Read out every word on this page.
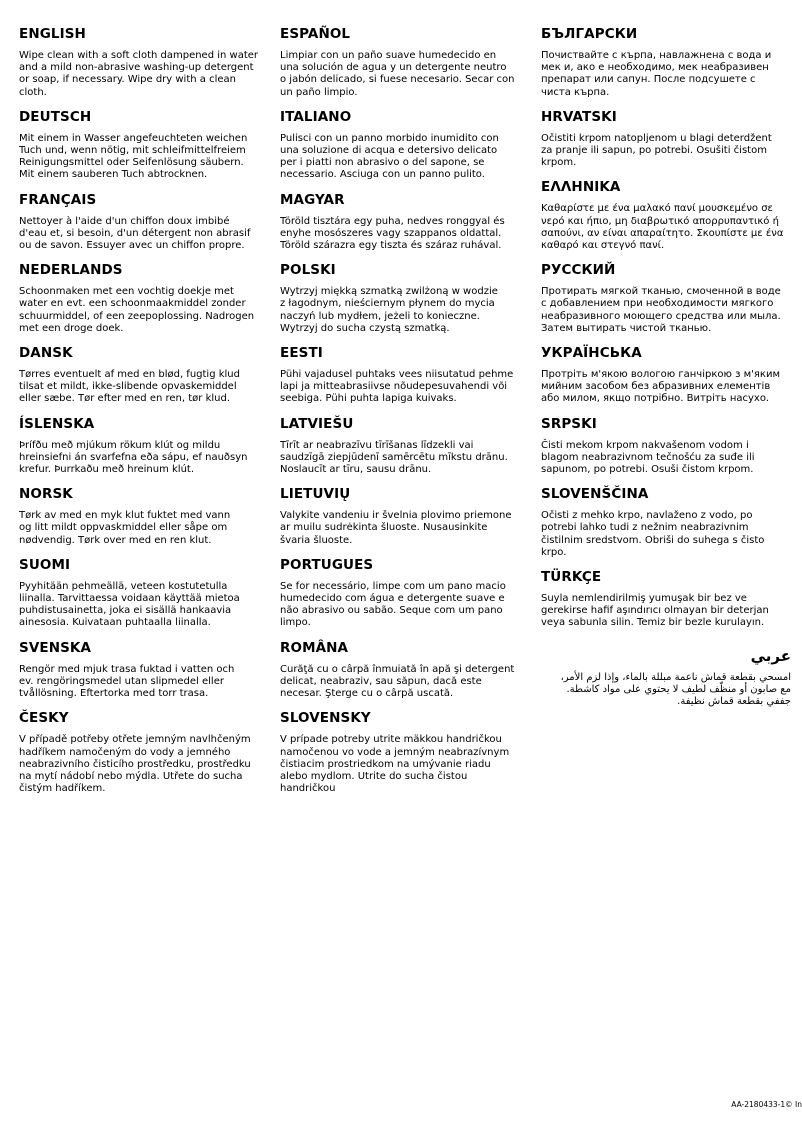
ENGLISH

Wipe clean with a soft cloth dampened in water
and a mild non-abrasive washing-up detergent
or soap, if necessary. Wipe dry with a clean
cloth.

DEUTSCH

Mit einem in Wasser angefeuchteten weichen
Tuch und, wenn nötig, mit schleifmittelfreiem
Reinigungsmittel oder Seifenlösung säubern.
Mit einem sauberen Tuch abtrocknen.

FRANÇAIS

Nettoyer à l'aide d'un chiffon doux imbibé
d'eau et, si besoin, d'un détergent non abrasif
ou de savon. Essuyer avec un chiffon propre.

NEDERLANDS

Schoonmaken met een vochtig doekje met
water en evt. een schoonmaakmiddel zonder
schuurmiddel, of een zeepoplossing. Nadrogen
met een droge doek.

DANSK

Tørres eventuelt af med en blød, fugtig klud
tilsat et mildt, ikke-slibende opvaskemiddel
eller sæbe. Tør efter med en ren, tør klud.

ÍSLENSKA

Þrífðu með mjúkum rökum klút og mildu
hreinsiefni án svarfefna eða sápu, ef nauðsyn
krefur. Þurrkaðu með hreinum klút.

NORSK

Tørk av med en myk klut fuktet med vann
og litt mildt oppvaskmiddel eller såpe om
nødvendig. Tørk over med en ren klut.

SUOMI

Pyyhitään pehmeällä, veteen kostutetulla
liinalla. Tarvittaessa voidaan käyttää mietoa
puhdistusainetta, joka ei sisällä hankaavia
ainesosia. Kuivataan puhtaalla liinalla.

SVENSKA

Rengör med mjuk trasa fuktad i vatten och
ev. rengöringsmedel utan slipmedel eller
tvållösning. Eftertorka med torr trasa.

ČESKY

V případě potřeby otřete jemným navlhčeným
hadříkem namočeným do vody a jemného
neabrazivního čisticího prostředku, prostředku
na mytí nádobí nebo mýdla. Utřete do sucha
čistým hadříkem.

ESPAÑOL

Limpiar con un paño suave humedecido en
una solución de agua y un detergente neutro
o jabón delicado, si fuese necesario. Secar con
un paño limpio.

ITALIANO

Pulisci con un panno morbido inumidito con
una soluzione di acqua e detersivo delicato
per i piatti non abrasivo o del sapone, se
necessario. Asciuga con un panno pulito.

MAGYAR

Töröld tisztára egy puha, nedves ronggyal és
enyhe mosószeres vagy szappanos oldattal.
Töröld szárazra egy tiszta és száraz ruhával.

POLSKI

Wytrzyj miękką szmatką zwilżoną w wodzie
z łagodnym, nieściernym płynem do mycia
naczyń lub mydłem, jeżeli to konieczne.
Wytrzyj do sucha czystą szmatką.

EESTI

Pühi vajadusel puhtaks vees niisutatud pehme
lapi ja mitteabrasiivse nõudepesuvahendi või
seebiga. Pühi puhta lapiga kuivaks.

LATVIEŠU

Tīrīt ar neabrazīvu tīrīšanas līdzekli vai
saudzīgā ziepjūdenī samērcētu mīkstu drānu.
Noslaucīt ar tīru, sausu drānu.

LIETUVIŲ

Valykite vandeniu ir švelnia plovimo priemone
ar muilu sudrėkinta šluoste. Nusausinkite
švaria šluoste.

PORTUGUES

Se for necessário, limpe com um pano macio
humedecido com água e detergente suave e
não abrasivo ou sabão. Seque com um pano
limpo.

ROMÂNA

Curăţă cu o cârpă înmuiată în apă şi detergent
delicat, neabraziv, sau săpun, dacă este
necesar. Şterge cu o cârpă uscată.

SLOVENSKY

V prípade potreby utrite mäkkou handričkou
namočenou vo vode a jemným neabrazívnym
čistiacim prostriedkom na umývanie riadu
alebo mydlom. Utrite do sucha čistou
handričkou

БЪЛГАРСКИ

Почиствайте с кърпа, навлажнена с вода и
мек и, ако е необходимо, мек неабразивен
препарат или сапун. После подсушете с
чиста кърпа.

HRVATSKI

Očistiti krpom natopljenom u blagi deterdžent
za pranje ili sapun, po potrebi. Osušiti čistom
krpom.

ΕΛΛΗΝΙΚΑ

Καθαρίστε με ένα μαλακό πανί μουσκεμένο σε
νερό και ήπιο, μη διαβρωτικό απορρυπαντικό ή
σαπούνι, αν είναι απαραίτητο. Σκουπίστε με ένα
καθαρό και στεγνό πανί.

РУССКИЙ

Протирать мягкой тканью, смоченной в воде
с добавлением при необходимости мягкого
неабразивного моющего средства или мыла.
Затем вытирать чистой тканью.

УКРАЇНСЬКА

Протріть м'якою вологою ганчіркою з м'яким
мийним засобом без абразивних елементів
або милом, якщо потрібно. Витріть насухо.

SRPSKI

Čisti mekom krpom nakvašenom vodom i
blagom neabrazivnom tečnošću za suđe ili
sapunom, po potrebi. Osuši čistom krpom.

SLOVENŠČINA

Očisti z mehko krpo, navlaženo z vodo, po
potrebi lahko tudi z nežnim neabrazivnim
čistilnim sredstvom. Obriši do suhega s čisto
krpo.

TÜRKÇE

Suyla nemlendirilmiş yumuşak bir bez ve
gerekirse hafif aşındırıcı olmayan bir deterjan
veya sabunla silin. Temiz bir bezle kurulayın.

عربي

امسحي بقطعة قماش ناعمة مبللة بالماء، وإذا لزم الأمر،
مع صابون أو منظّف لطيف لا يحتوي على مواد كاشطة.
جففي بقطعة قماش نظيفة.

AA-2180433-1© In
